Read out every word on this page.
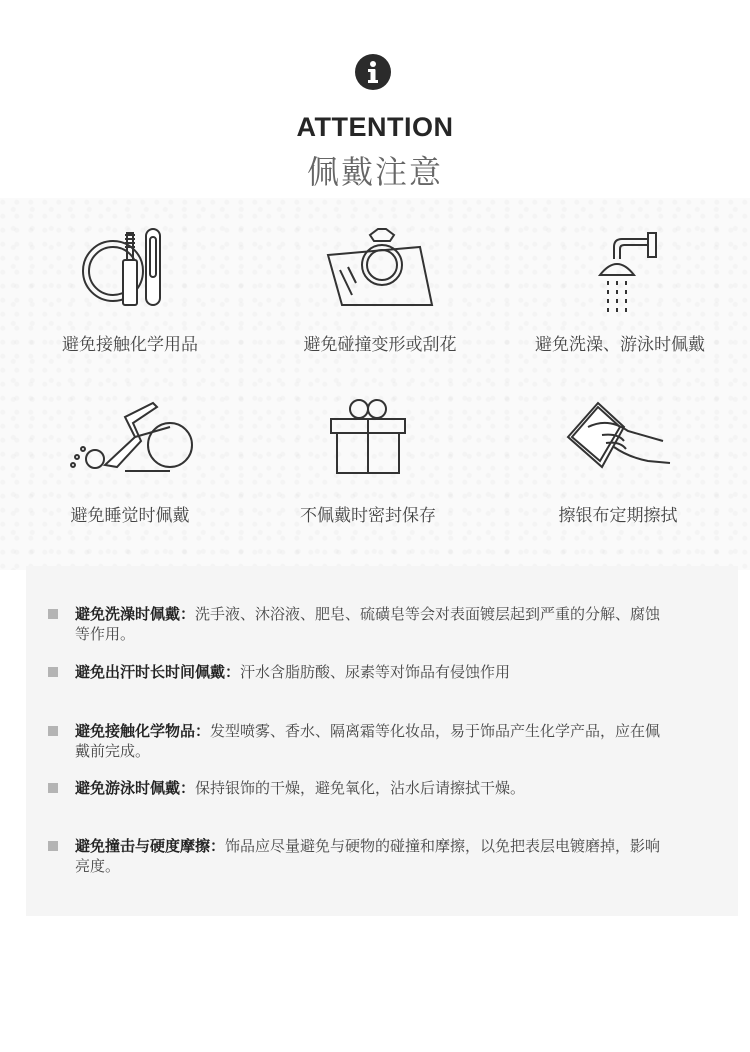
ATTENTION
佩戴注意
避免接触化学用品	避免碰撞变形或刮花	避免洗澡、游泳时佩戴
避免睡觉时佩戴	不佩戴时密封保存	擦银布定期擦拭
避免洗澡时佩戴：洗手液、沐浴液、肥皂、硫磺皂等会对表面镀层起到严重的分解、腐蚀
等作用。
避免出汗时长时间佩戴：汗水含脂肪酸、尿素等对饰品有侵蚀作用
避免接触化学物品：发型喷雾、香水、隔离霜等化妆品，易于饰品产生化学产品，应在佩
戴前完成。
避免游泳时佩戴：保持银饰的干燥，避免氧化，沾水后请擦拭干燥。
避免撞击与硬度摩擦：饰品应尽量避免与硬物的碰撞和摩擦，以免把表层电镀磨掉，影响
亮度。
